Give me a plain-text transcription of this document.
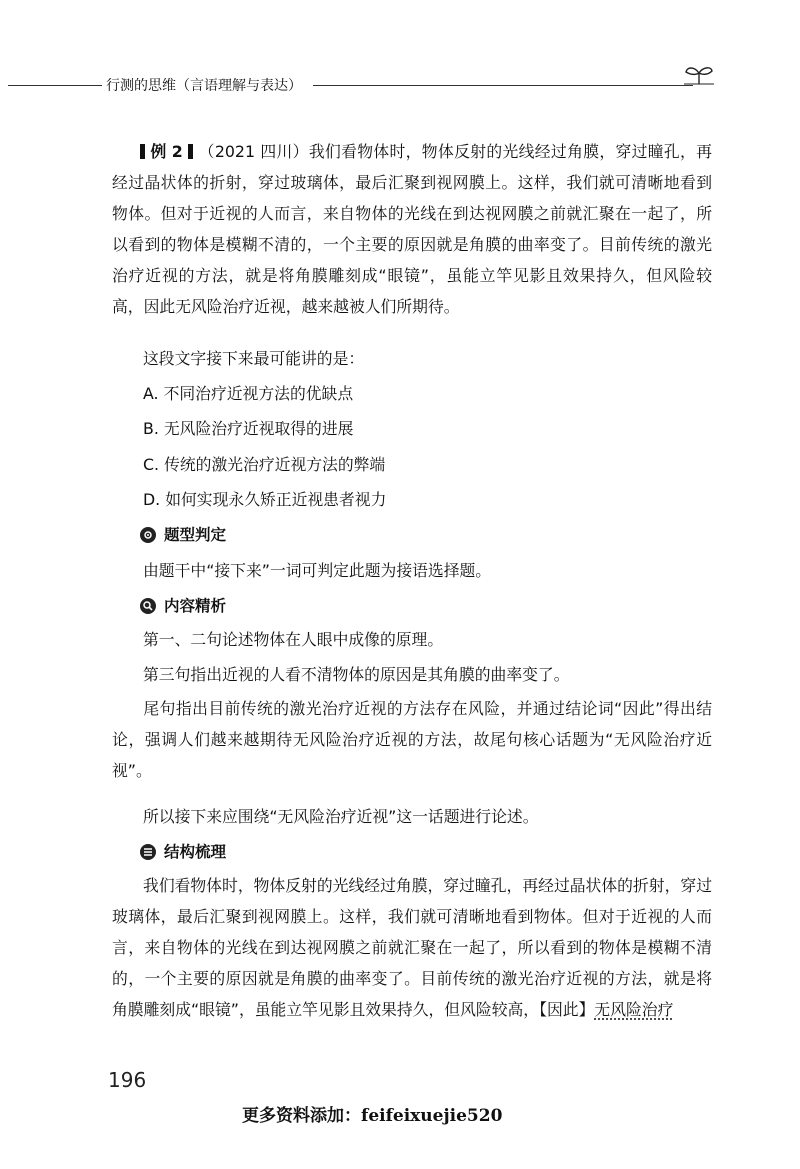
行测的思维（言语理解与表达）
例 2 （2021 四川）我们看物体时，物体反射的光线经过角膜，穿过瞳孔，再经过晶状体的折射，穿过玻璃体，最后汇聚到视网膜上。这样，我们就可清晰地看到物体。但对于近视的人而言，来自物体的光线在到达视网膜之前就汇聚在一起了，所以看到的物体是模糊不清的，一个主要的原因就是角膜的曲率变了。目前传统的激光治疗近视的方法，就是将角膜雕刻成“眼镜”，虽能立竿见影且效果持久，但风险较高，因此无风险治疗近视，越来越被人们所期待。
这段文字接下来最可能讲的是：
A. 不同治疗近视方法的优缺点
B. 无风险治疗近视取得的进展
C. 传统的激光治疗近视方法的弊端
D. 如何实现永久矫正近视患者视力
题型判定
由题干中“接下来”一词可判定此题为接语选择题。
内容精析
第一、二句论述物体在人眼中成像的原理。
第三句指出近视的人看不清物体的原因是其角膜的曲率变了。
尾句指出目前传统的激光治疗近视的方法存在风险，并通过结论词“因此”得出结论，强调人们越来越期待无风险治疗近视的方法，故尾句核心话题为“无风险治疗近视”。
所以接下来应围绕“无风险治疗近视”这一话题进行论述。
结构梳理
我们看物体时，物体反射的光线经过角膜，穿过瞳孔，再经过晶状体的折射，穿过玻璃体，最后汇聚到视网膜上。这样，我们就可清晰地看到物体。但对于近视的人而言，来自物体的光线在到达视网膜之前就汇聚在一起了，所以看到的物体是模糊不清的，一个主要的原因就是角膜的曲率变了。目前传统的激光治疗近视的方法，就是将角膜雕刻成“眼镜”，虽能立竿见影且效果持久，但风险较高，【因此】无风险治疗
196
更多资料添加：feifeixuejie520
